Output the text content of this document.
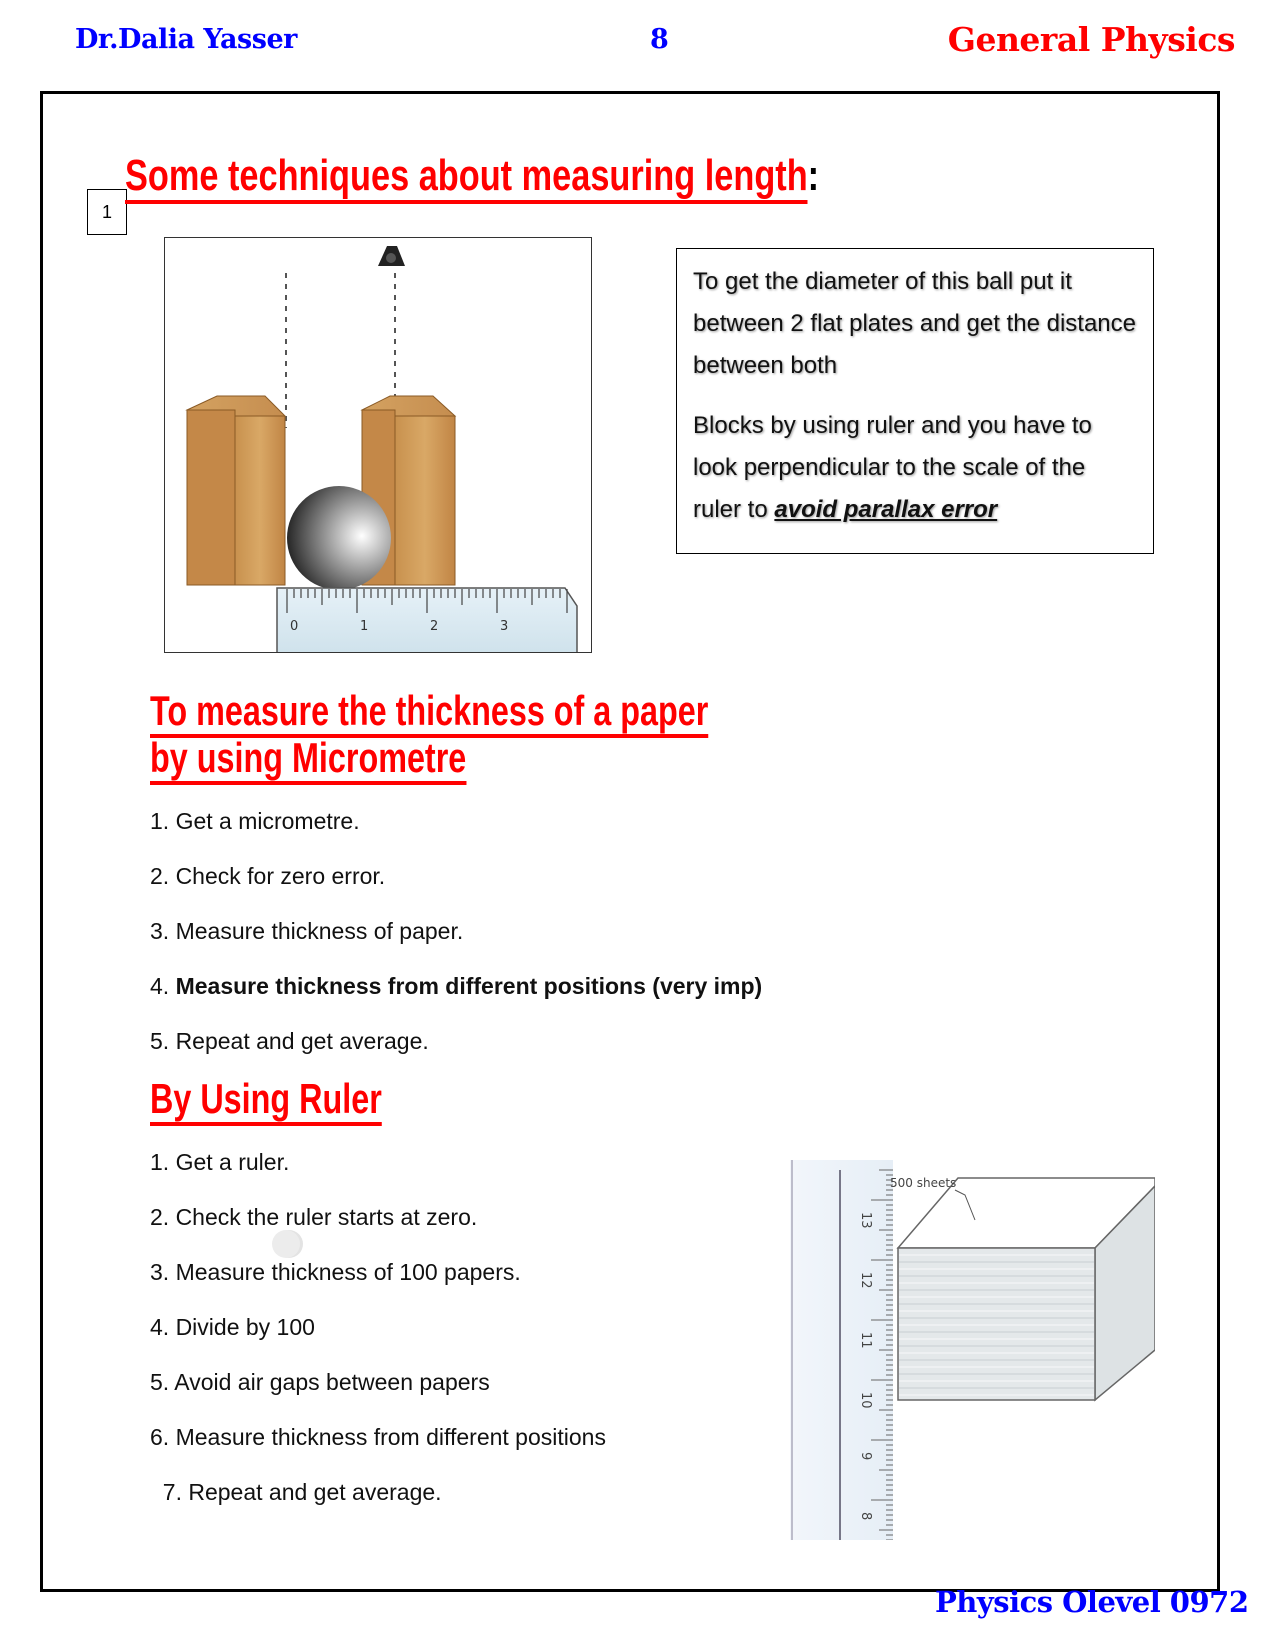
Dr.Dalia Yasser	8	General Physics
1
Some techniques about measuring length:
0	1	2	3

To get the diameter of this ball put it between 2 flat plates and get the distance between both

Blocks by using ruler and you have to look perpendicular to the scale of the ruler to avoid parallax error

To measure the thickness of a paper
by using Micrometre
1. Get a micrometre.
2. Check for zero error.
3. Measure thickness of paper.
4. Measure thickness from different positions (very imp)
5. Repeat and get average.
By Using Ruler
1. Get a ruler.
2. Check the ruler starts at zero.
3. Measure thickness of 100 papers.
4. Divide by 100
5. Avoid air gaps between papers
6. Measure thickness from different positions
7. Repeat and get average.
13
12
11
10
9
8
500 sheets
Physics Olevel 0972
